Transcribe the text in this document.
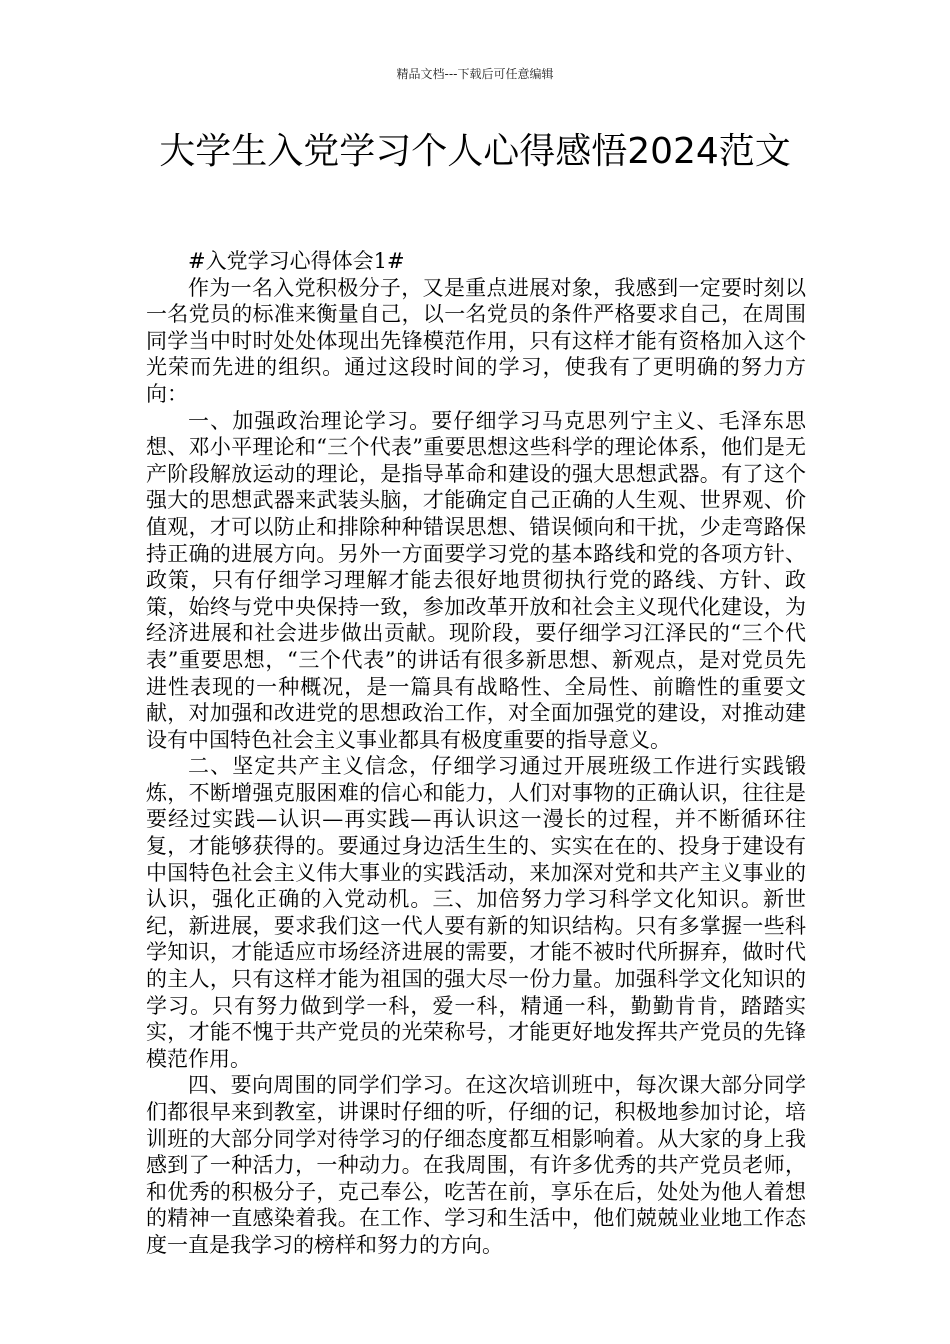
精品文档---下载后可任意编辑
大学生入党学习个人心得感悟2024范文

#入党学习心得体会1#

作为一名入党积极分子，又是重点进展对象，我感到一定要时刻以一名党员的标准来衡量自己，以一名党员的条件严格要求自己，在周围同学当中时时处处体现出先锋模范作用，只有这样才能有资格加入这个光荣而先进的组织。通过这段时间的学习，使我有了更明确的努力方向：

一、加强政治理论学习。要仔细学习马克思列宁主义、毛泽东思想、邓小平理论和“三个代表”重要思想这些科学的理论体系，他们是无产阶段解放运动的理论，是指导革命和建设的强大思想武器。有了这个强大的思想武器来武装头脑，才能确定自己正确的人生观、世界观、价值观，才可以防止和排除种种错误思想、错误倾向和干扰，少走弯路保持正确的进展方向。另外一方面要学习党的基本路线和党的各项方针、政策，只有仔细学习理解才能去很好地贯彻执行党的路线、方针、政策，始终与党中央保持一致，参加改革开放和社会主义现代化建设，为经济进展和社会进步做出贡献。现阶段，要仔细学习江泽民的“三个代表”重要思想，“三个代表”的讲话有很多新思想、新观点，是对党员先进性表现的一种概况，是一篇具有战略性、全局性、前瞻性的重要文献，对加强和改进党的思想政治工作，对全面加强党的建设，对推动建设有中国特色社会主义事业都具有极度重要的指导意义。

二、坚定共产主义信念，仔细学习通过开展班级工作进行实践锻炼，不断增强克服困难的信心和能力，人们对事物的正确认识，往往是要经过实践—认识—再实践—再认识这一漫长的过程，并不断循环往复，才能够获得的。要通过身边活生生的、实实在在的、投身于建设有中国特色社会主义伟大事业的实践活动，来加深对党和共产主义事业的认识，强化正确的入党动机。三、加倍努力学习科学文化知识。新世纪，新进展，要求我们这一代人要有新的知识结构。只有多掌握一些科学知识，才能适应市场经济进展的需要，才能不被时代所摒弃，做时代的主人，只有这样才能为祖国的强大尽一份力量。加强科学文化知识的学习。只有努力做到学一科，爱一科，精通一科，勤勤肯肯，踏踏实实，才能不愧于共产党员的光荣称号，才能更好地发挥共产党员的先锋模范作用。

四、要向周围的同学们学习。在这次培训班中，每次课大部分同学们都很早来到教室，讲课时仔细的听，仔细的记，积极地参加讨论，培训班的大部分同学对待学习的仔细态度都互相影响着。从大家的身上我感到了一种活力，一种动力。在我周围，有许多优秀的共产党员老师，和优秀的积极分子，克己奉公，吃苦在前，享乐在后，处处为他人着想的精神一直感染着我。在工作、学习和生活中，他们兢兢业业地工作态度一直是我学习的榜样和努力的方向。
